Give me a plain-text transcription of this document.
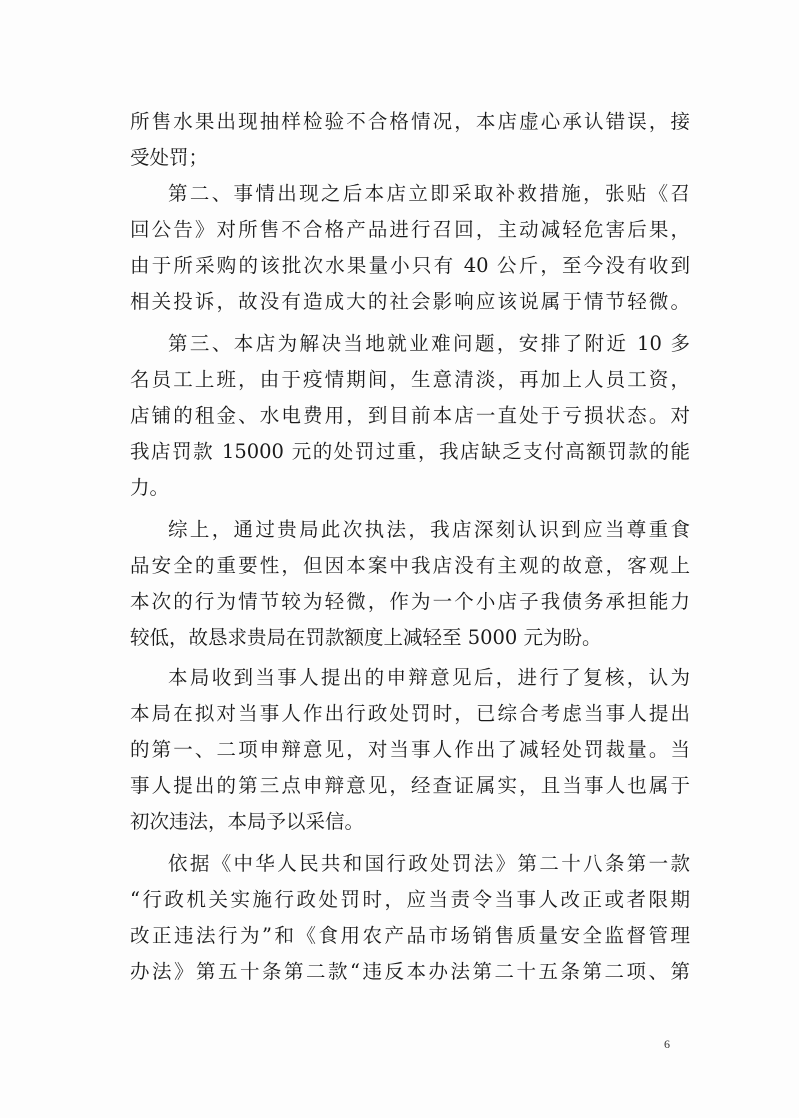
所售水果出现抽样检验不合格情况，本店虚心承认错误，接
受处罚；
第二、事情出现之后本店立即采取补救措施，张贴《召
回公告》对所售不合格产品进行召回，主动减轻危害后果，
由于所采购的该批次水果量小只有 40 公斤，至今没有收到
相关投诉，故没有造成大的社会影响应该说属于情节轻微。
第三、本店为解决当地就业难问题，安排了附近 10 多
名员工上班，由于疫情期间，生意清淡，再加上人员工资，
店铺的租金、水电费用，到目前本店一直处于亏损状态。对
我店罚款 15000 元的处罚过重，我店缺乏支付高额罚款的能
力。
综上，通过贵局此次执法，我店深刻认识到应当尊重食
品安全的重要性，但因本案中我店没有主观的故意，客观上
本次的行为情节较为轻微，作为一个小店子我债务承担能力
较低，故恳求贵局在罚款额度上减轻至 5000 元为盼。
本局收到当事人提出的申辩意见后，进行了复核，认为
本局在拟对当事人作出行政处罚时，已综合考虑当事人提出
的第一、二项申辩意见，对当事人作出了减轻处罚裁量。当
事人提出的第三点申辩意见，经查证属实，且当事人也属于
初次违法，本局予以采信。
依据《中华人民共和国行政处罚法》第二十八条第一款
“行政机关实施行政处罚时，应当责令当事人改正或者限期
改正违法行为”和《食用农产品市场销售质量安全监督管理
办法》第五十条第二款“违反本办法第二十五条第二项、第
6
